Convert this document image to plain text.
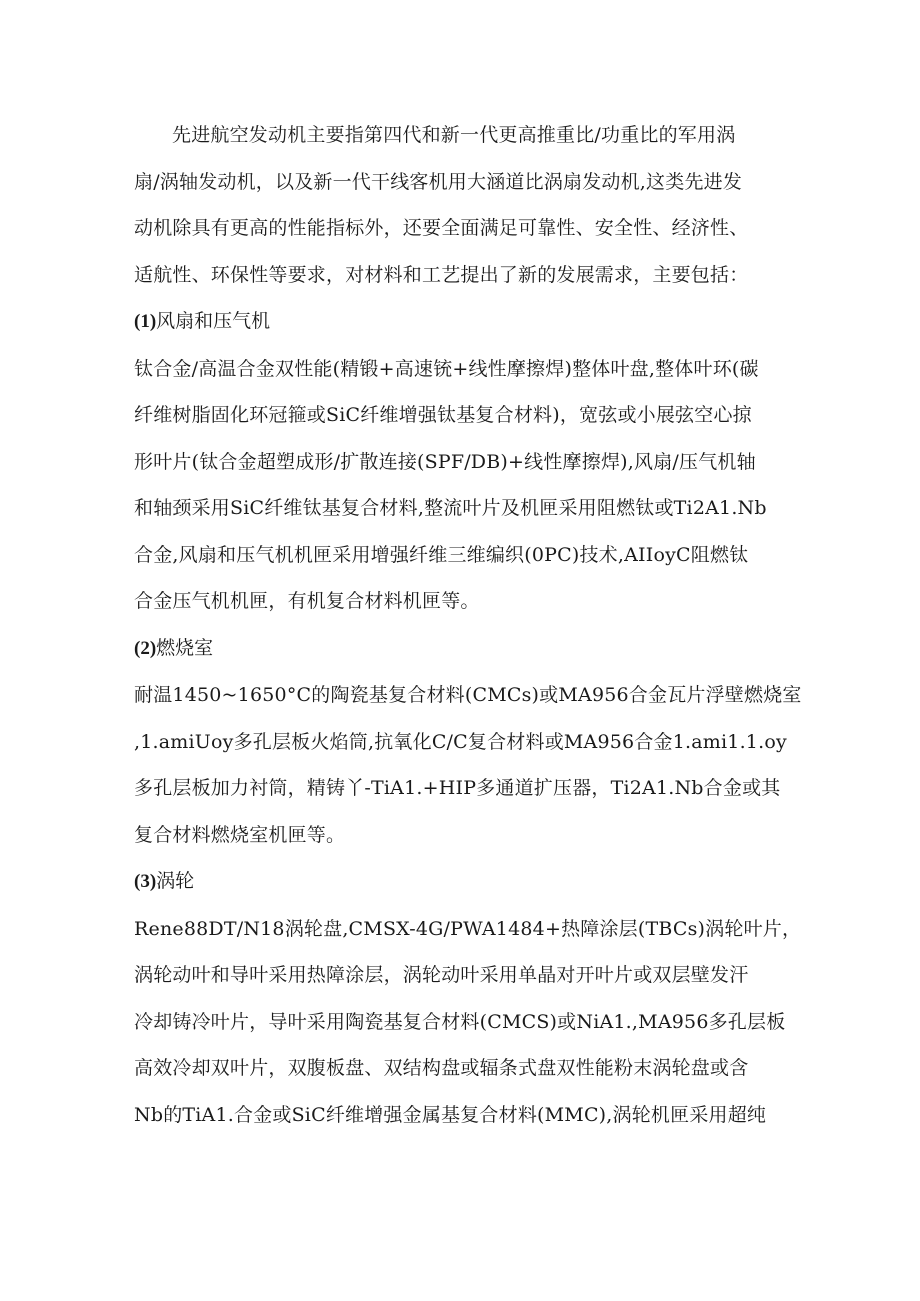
先进航空发动机主要指第四代和新一代更高推重比/功重比的军用涡
扇/涡轴发动机，以及新一代干线客机用大涵道比涡扇发动机,这类先进发
动机除具有更高的性能指标外，还要全面满足可靠性、安全性、经济性、
适航性、环保性等要求，对材料和工艺提出了新的发展需求，主要包括：

(1)风扇和压气机

钛合金/高温合金双性能(精锻+高速铳+线性摩擦焊)整体叶盘,整体叶环(碳
纤维树脂固化环冠箍或SiC纤维增强钛基复合材料)，宽弦或小展弦空心掠
形叶片(钛合金超塑成形/扩散连接(SPF/DB)+线性摩擦焊),风扇/压气机轴
和轴颈采用SiC纤维钛基复合材料,整流叶片及机匣采用阻燃钛或Ti2A1.Nb
合金,风扇和压气机机匣采用增强纤维三维编织(0PC)技术,AIIoyC阻燃钛
合金压气机机匣，有机复合材料机匣等。

(2)燃烧室

耐温1450~1650°C的陶瓷基复合材料(CMCs)或MA956合金瓦片浮壁燃烧室
,1.amiUoy多孔层板火焰筒,抗氧化C/C复合材料或MA956合金1.ami1.1.oy
多孔层板加力衬筒，精铸丫-TiA1.+HIP多通道扩压器，Ti2A1.Nb合金或其
复合材料燃烧室机匣等。

(3)涡轮

Rene88DT/N18涡轮盘,CMSX-4G/PWA1484+热障涂层(TBCs)涡轮叶片，
涡轮动叶和导叶采用热障涂层，涡轮动叶采用单晶对开叶片或双层壁发汗
冷却铸冷叶片，导叶采用陶瓷基复合材料(CMCS)或NiA1.,MA956多孔层板
高效冷却双叶片，双腹板盘、双结构盘或辐条式盘双性能粉末涡轮盘或含
Nb的TiA1.合金或SiC纤维增强金属基复合材料(MMC),涡轮机匣采用超纯
